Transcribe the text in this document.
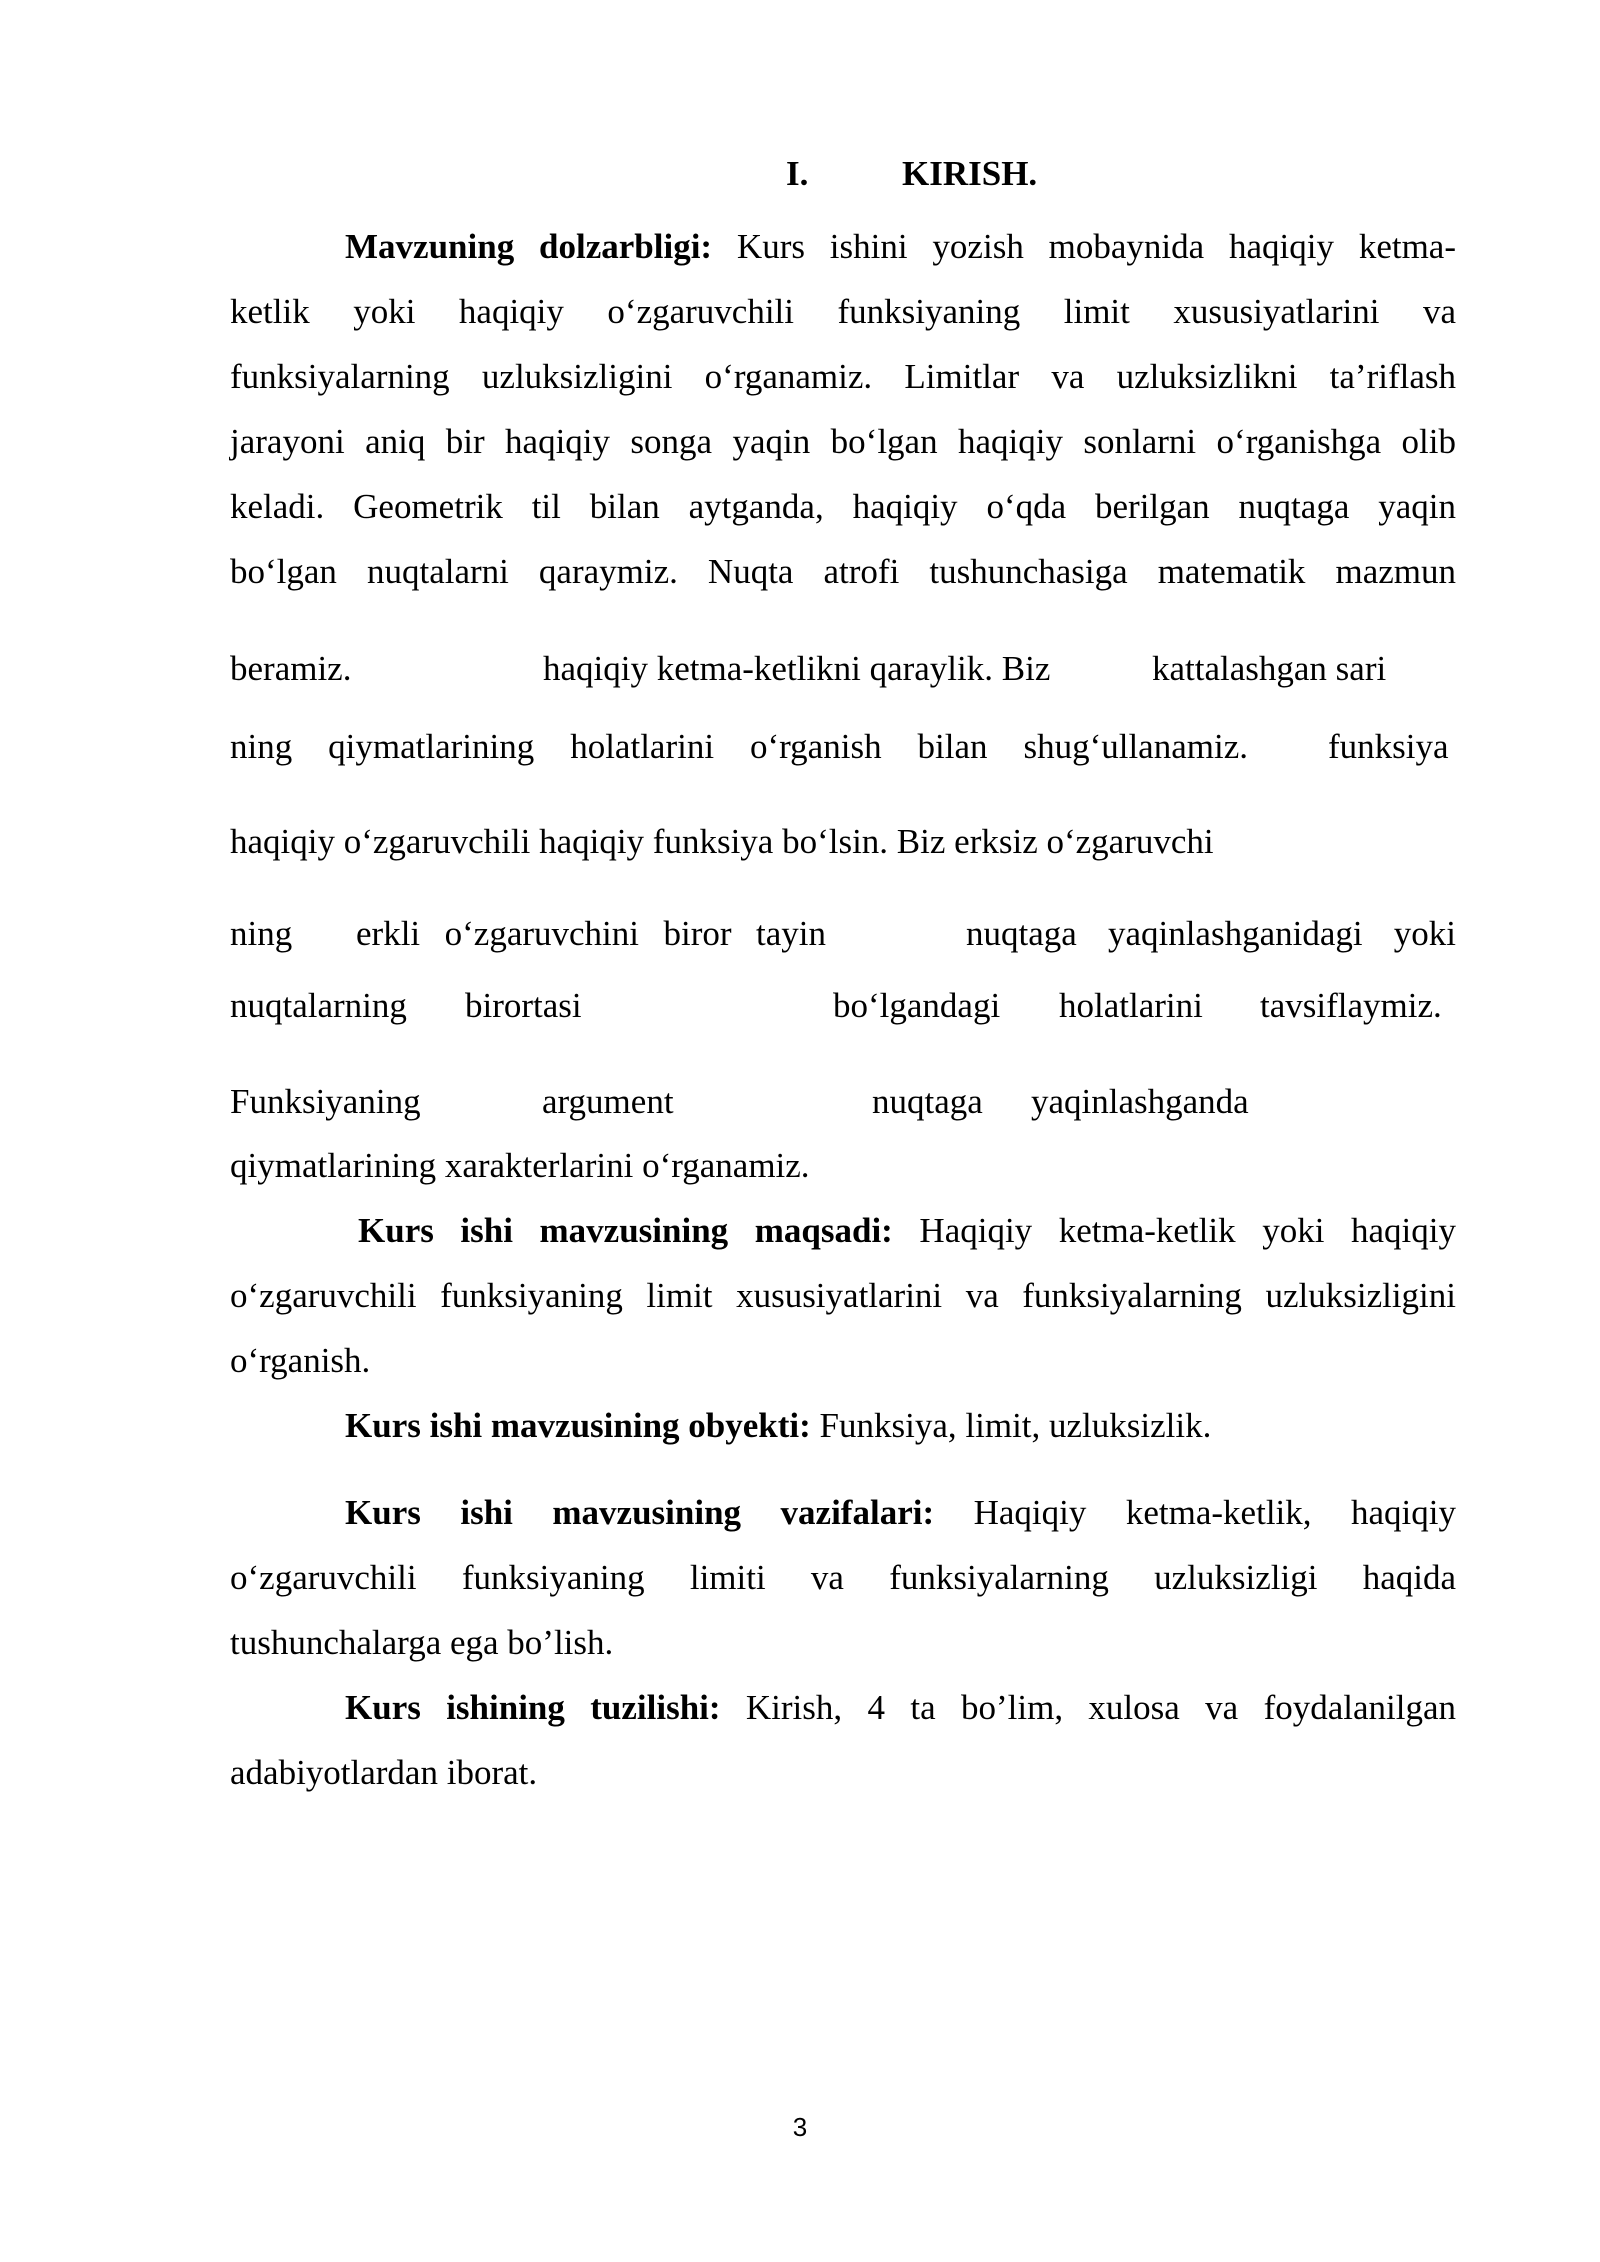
I.	KIRISH.
Mavzuning dolzarbligi: Kurs ishini yozish mobaynida haqiqiy ketma-
ketlik yoki haqiqiy o‘zgaruvchili funksiyaning limit xususiyatlarini va
funksiyalarning uzluksizligini o‘rganamiz. Limitlar va uzluksizlikni ta’riflash
jarayoni aniq bir haqiqiy songa yaqin bo‘lgan haqiqiy sonlarni o‘rganishga olib
keladi. Geometrik til bilan aytganda, haqiqiy o‘qda berilgan nuqtaga yaqin
bo‘lgan nuqtalarni qaraymiz. Nuqta atrofi tushunchasiga matematik mazmun
beramiz.	haqiqiy ketma-ketlikni qaraylik. Biz	kattalashgan sari
ning qiymatlarining holatlarini o‘rganish bilan shug‘ullanamiz. funksiya
haqiqiy o‘zgaruvchili haqiqiy funksiya bo‘lsin. Biz erksiz o‘zgaruvchi
ning erkli o‘zgaruvchini biror tayin	nuqtaga yaqinlashganidagi yoki
nuqtalarning birortasi	bo‘lgandagi holatlarini tavsiflaymiz.
Funksiyaning	argument	nuqtaga yaqinlashganda
qiymatlarining xarakterlarini o‘rganamiz.
Kurs ishi mavzusining maqsadi: Haqiqiy ketma-ketlik yoki haqiqiy
o‘zgaruvchili funksiyaning limit xususiyatlarini va funksiyalarning uzluksizligini
o‘rganish.
Kurs ishi mavzusining obyekti: Funksiya, limit, uzluksizlik.
Kurs ishi mavzusining vazifalari: Haqiqiy ketma-ketlik, haqiqiy
o‘zgaruvchili funksiyaning limiti va funksiyalarning uzluksizligi haqida
tushunchalarga ega bo’lish.
Kurs ishining tuzilishi: Kirish, 4 ta bo’lim, xulosa va foydalanilgan
adabiyotlardan iborat.
3
